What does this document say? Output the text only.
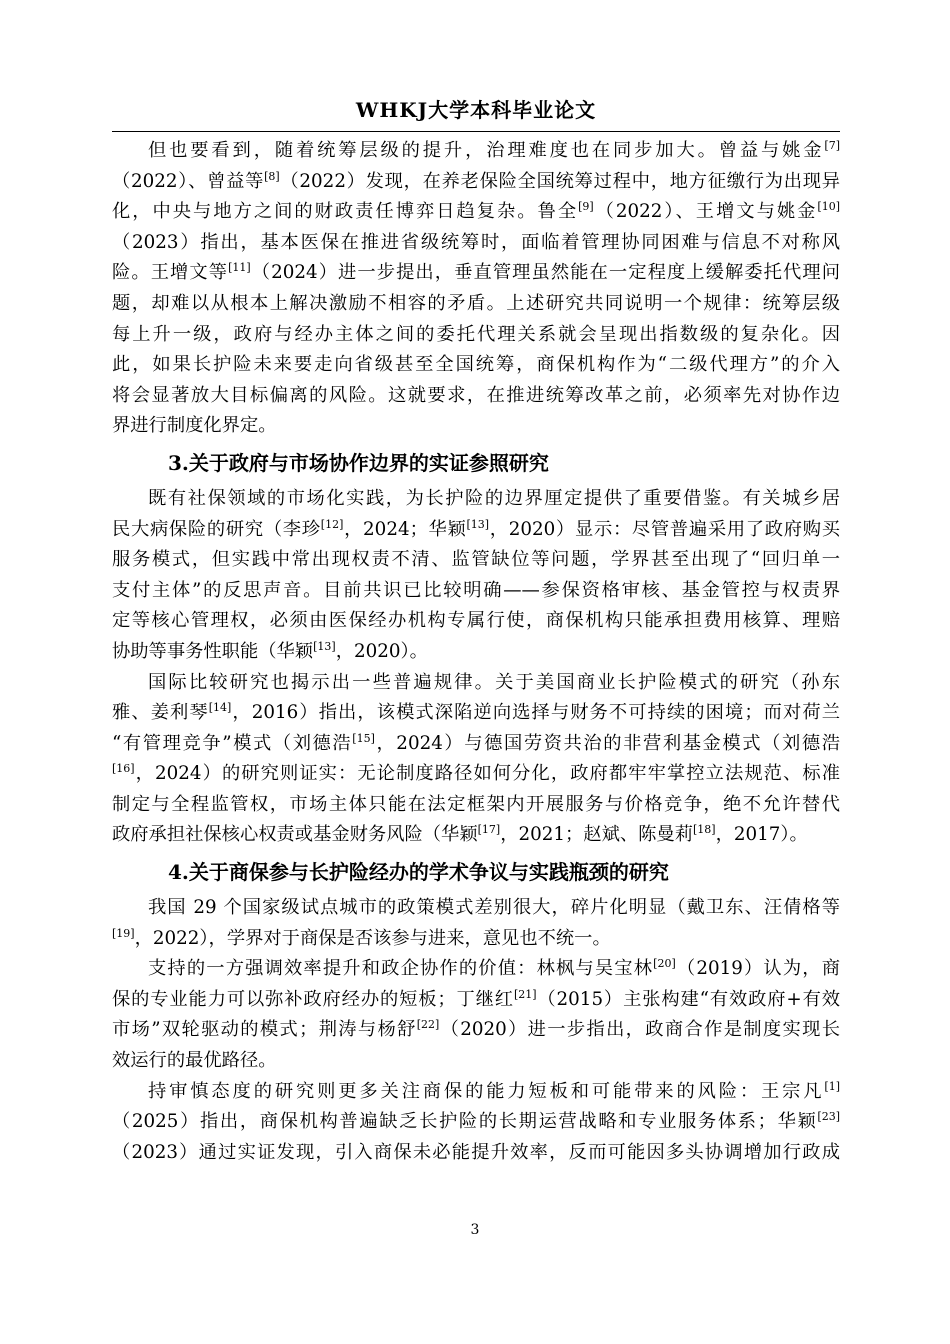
WHKJ大学本科毕业论文
但也要看到，随着统筹层级的提升，治理难度也在同步加大。曾益与姚金[7]
（2022）、曾益等[8]（2022）发现，在养老保险全国统筹过程中，地方征缴行为出现异
化，中央与地方之间的财政责任博弈日趋复杂。鲁全[9]（2022）、王增文与姚金[10]
（2023）指出，基本医保在推进省级统筹时，面临着管理协同困难与信息不对称风
险。王增文等[11]（2024）进一步提出，垂直管理虽然能在一定程度上缓解委托代理问
题，却难以从根本上解决激励不相容的矛盾。上述研究共同说明一个规律：统筹层级
每上升一级，政府与经办主体之间的委托代理关系就会呈现出指数级的复杂化。因
此，如果长护险未来要走向省级甚至全国统筹，商保机构作为“二级代理方”的介入
将会显著放大目标偏离的风险。这就要求，在推进统筹改革之前，必须率先对协作边
界进行制度化界定。
3.关于政府与市场协作边界的实证参照研究
既有社保领域的市场化实践，为长护险的边界厘定提供了重要借鉴。有关城乡居
民大病保险的研究（李珍[12]，2024；华颖[13]，2020）显示：尽管普遍采用了政府购买
服务模式，但实践中常出现权责不清、监管缺位等问题，学界甚至出现了“回归单一
支付主体”的反思声音。目前共识已比较明确——参保资格审核、基金管控与权责界
定等核心管理权，必须由医保经办机构专属行使，商保机构只能承担费用核算、理赔
协助等事务性职能（华颖[13]，2020）。
国际比较研究也揭示出一些普遍规律。关于美国商业长护险模式的研究（孙东
雅、姜利琴[14]，2016）指出，该模式深陷逆向选择与财务不可持续的困境；而对荷兰
“有管理竞争”模式（刘德浩[15]，2024）与德国劳资共治的非营利基金模式（刘德浩
[16]，2024）的研究则证实：无论制度路径如何分化，政府都牢牢掌控立法规范、标准
制定与全程监管权，市场主体只能在法定框架内开展服务与价格竞争，绝不允许替代
政府承担社保核心权责或基金财务风险（华颖[17]，2021；赵斌、陈曼莉[18]，2017）。
4.关于商保参与长护险经办的学术争议与实践瓶颈的研究
我国 29 个国家级试点城市的政策模式差别很大，碎片化明显（戴卫东、汪倩格等
[19]，2022），学界对于商保是否该参与进来，意见也不统一。
支持的一方强调效率提升和政企协作的价值：林枫与吴宝林[20]（2019）认为，商
保的专业能力可以弥补政府经办的短板；丁继红[21]（2015）主张构建“有效政府+有效
市场”双轮驱动的模式；荆涛与杨舒[22]（2020）进一步指出，政商合作是制度实现长
效运行的最优路径。
持审慎态度的研究则更多关注商保的能力短板和可能带来的风险：王宗凡[1]
（2025）指出，商保机构普遍缺乏长护险的长期运营战略和专业服务体系；华颖[23]
（2023）通过实证发现，引入商保未必能提升效率，反而可能因多头协调增加行政成
3
